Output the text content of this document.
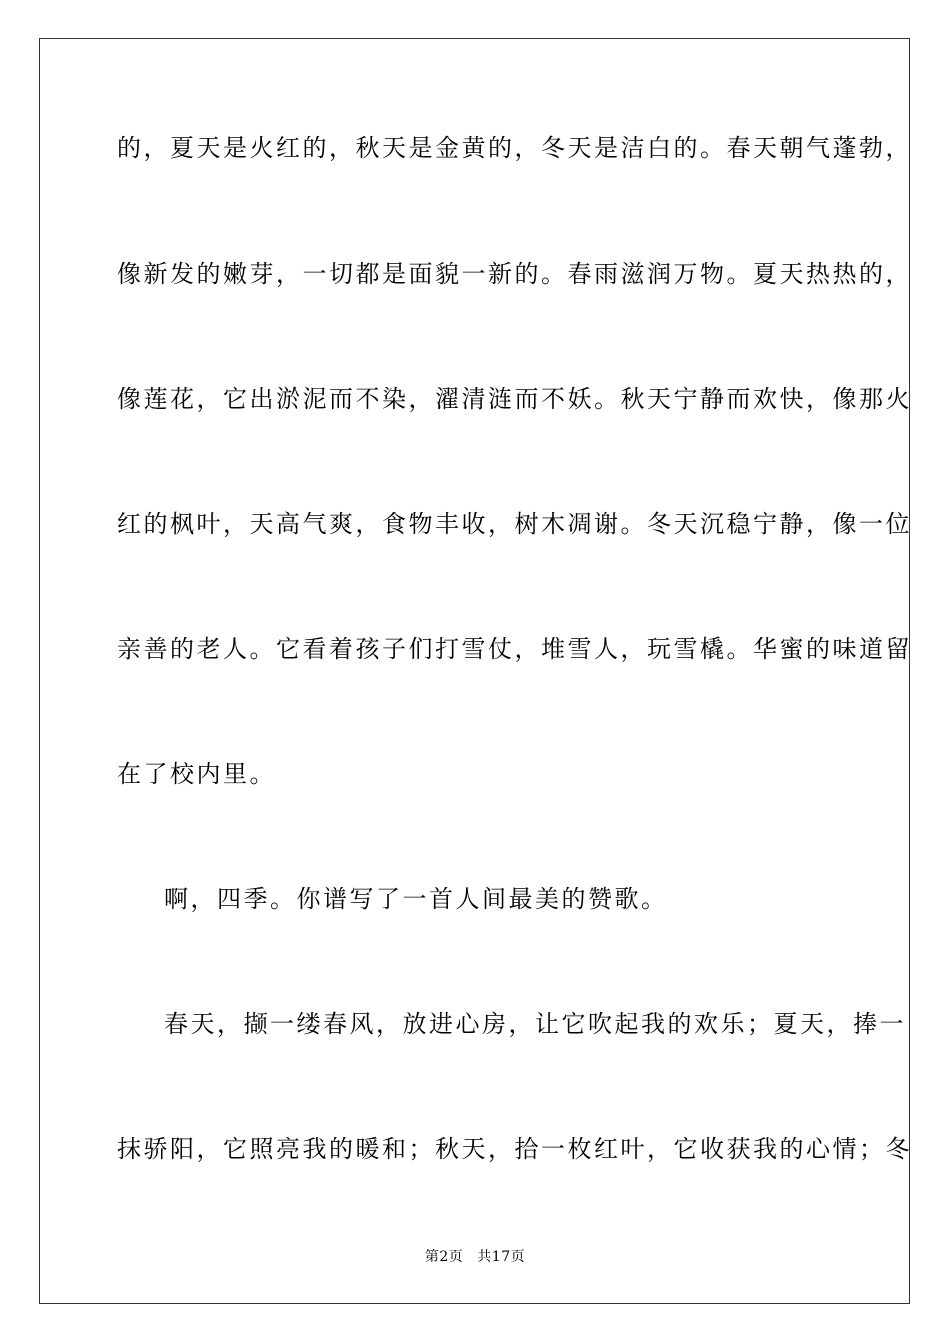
的，夏天是火红的，秋天是金黄的，冬天是洁白的。春天朝气蓬勃，
像新发的嫩芽，一切都是面貌一新的。春雨滋润万物。夏天热热的，
像莲花，它出淤泥而不染，濯清涟而不妖。秋天宁静而欢快，像那火
红的枫叶，天高气爽，食物丰收，树木凋谢。冬天沉稳宁静，像一位
亲善的老人。它看着孩子们打雪仗，堆雪人，玩雪橇。华蜜的味道留
在了校内里。
啊，四季。你谱写了一首人间最美的赞歌。
春天，撷一缕春风，放进心房，让它吹起我的欢乐；夏天，捧一
抹骄阳，它照亮我的暖和；秋天，拾一枚红叶，它收获我的心情；冬
第2页 共17页
